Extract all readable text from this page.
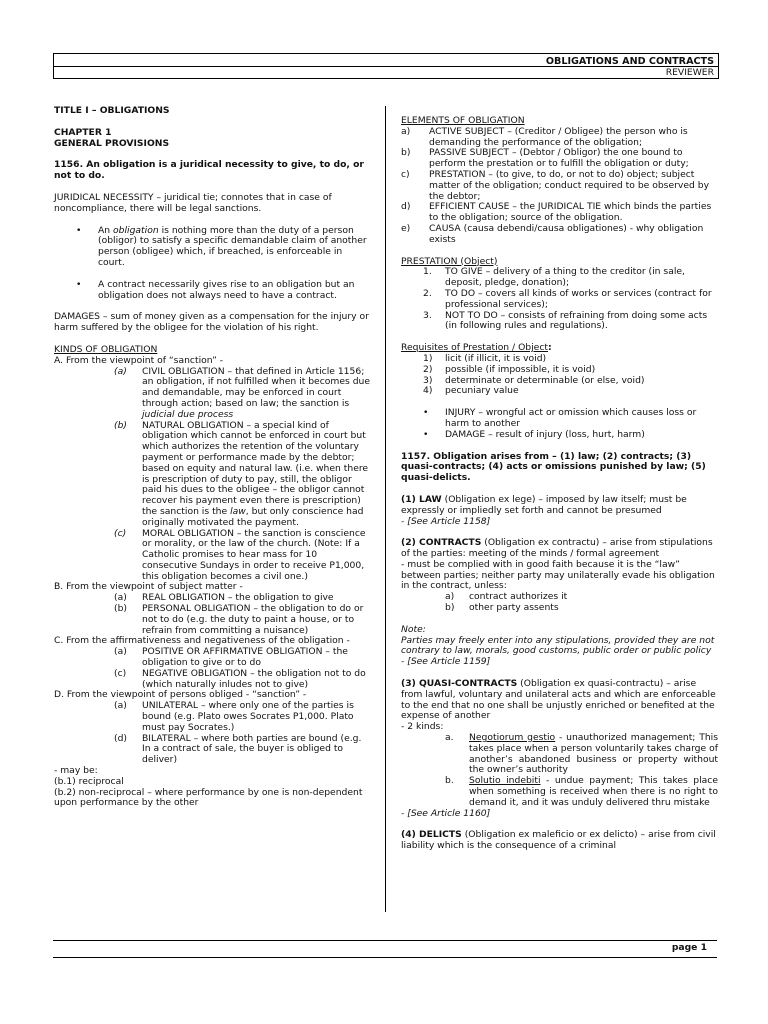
OBLIGATIONS AND CONTRACTS
REVIEWER

TITLE I – OBLIGATIONS

CHAPTER 1

GENERAL PROVISIONS

1156. An obligation is a juridical necessity to give, to do, or not to do.

JURIDICAL NECESSITY – juridical tie; connotes that in case of noncompliance, there will be legal sanctions.

•	An obligation is nothing more than the duty of a person (obligor) to satisfy a specific demandable claim of another person (obligee) which, if breached, is enforceable in court.

•	A contract necessarily gives rise to an obligation but an obligation does not always need to have a contract.

DAMAGES – sum of money given as a compensation for the injury or harm suffered by the obligee for the violation of his right.

KINDS OF OBLIGATION

A. From the viewpoint of “sanction” -

(a)	CIVIL OBLIGATION – that defined in Article 1156; an obligation, if not fulfilled when it becomes due and demandable, may be enforced in court through action; based on law; the sanction is judicial due process

(b)	NATURAL OBLIGATION – a special kind of obligation which cannot be enforced in court but which authorizes the retention of the voluntary payment or performance made by the debtor; based on equity and natural law. (i.e. when there is prescription of duty to pay, still, the obligor paid his dues to the obligee – the obligor cannot recover his payment even there is prescription) the sanction is the law, but only conscience had originally motivated the payment.

(c)	MORAL OBLIGATION – the sanction is conscience or morality, or the law of the church. (Note: If a Catholic promises to hear mass for 10 consecutive Sundays in order to receive P1,000, this obligation becomes a civil one.)

B. From the viewpoint of subject matter -

(a)	REAL OBLIGATION – the obligation to give

(b)	PERSONAL OBLIGATION – the obligation to do or not to do (e.g. the duty to paint a house, or to refrain from committing a nuisance)

C. From the affirmativeness and negativeness of the obligation -

(a)	POSITIVE OR AFFIRMATIVE OBLIGATION – the obligation to give or to do

(c)	NEGATIVE OBLIGATION – the obligation not to do (which naturally inludes not to give)

D. From the viewpoint of persons obliged - “sanction” -

(a)	UNILATERAL – where only one of the parties is bound (e.g. Plato owes Socrates P1,000. Plato must pay Socrates.)

(d)	BILATERAL – where both parties are bound (e.g. In a contract of sale, the buyer is obliged to deliver)

- may be:

(b.1) reciprocal

(b.2) non-reciprocal – where performance by one is non-dependent upon performance by the other

ELEMENTS OF OBLIGATION

a)	ACTIVE SUBJECT – (Creditor / Obligee) the person who is demanding the performance of the obligation;

b)	PASSIVE SUBJECT – (Debtor / Obligor) the one bound to perform the prestation or to fulfill the obligation or duty;

c)	PRESTATION – (to give, to do, or not to do) object; subject matter of the obligation; conduct required to be observed by the debtor;

d)	EFFICIENT CAUSE – the JURIDICAL TIE which binds the parties to the obligation; source of the obligation.

e)	CAUSA (causa debendi/causa obligationes) - why obligation exists

PRESTATION (Object)

1.	TO GIVE – delivery of a thing to the creditor (in sale, deposit, pledge, donation);

2.	TO DO – covers all kinds of works or services (contract for professional services);

3.	NOT TO DO – consists of refraining from doing some acts (in following rules and regulations).

Requisites of Prestation / Object:

1)	licit (if illicit, it is void)

2)	possible (if impossible, it is void)

3)	determinate or determinable (or else, void)

4)	pecuniary value

•	INJURY – wrongful act or omission which causes loss or harm to another

•	DAMAGE – result of injury (loss, hurt, harm)

1157. Obligation arises from – (1) law; (2) contracts; (3) quasi-contracts; (4) acts or omissions punished by law; (5) quasi-delicts.

(1) LAW (Obligation ex lege) – imposed by law itself; must be expressly or impliedly set forth and cannot be presumed

- [See Article 1158]

(2) CONTRACTS (Obligation ex contractu) – arise from stipulations of the parties: meeting of the minds / formal agreement

- must be complied with in good faith because it is the “law” between parties; neither party may unilaterally evade his obligation in the contract, unless:

a)	contract authorizes it

b)	other party assents

Note:

Parties may freely enter into any stipulations, provided they are not contrary to law, morals, good customs, public order or public policy

- [See Article 1159]

(3) QUASI-CONTRACTS (Obligation ex quasi-contractu) – arise from lawful, voluntary and unilateral acts and which are enforceable to the end that no one shall be unjustly enriched or benefited at the expense of another

- 2 kinds:

a.	Negotiorum gestio - unauthorized management; This takes place when a person voluntarily takes charge of another’s abandoned business or property without the owner’s authority

b.	Solutio indebiti - undue payment; This takes place when something is received when there is no right to demand it, and it was unduly delivered thru mistake

- [See Article 1160]

(4) DELICTS (Obligation ex maleficio or ex delicto) – arise from civil liability which is the consequence of a criminal

page 1
